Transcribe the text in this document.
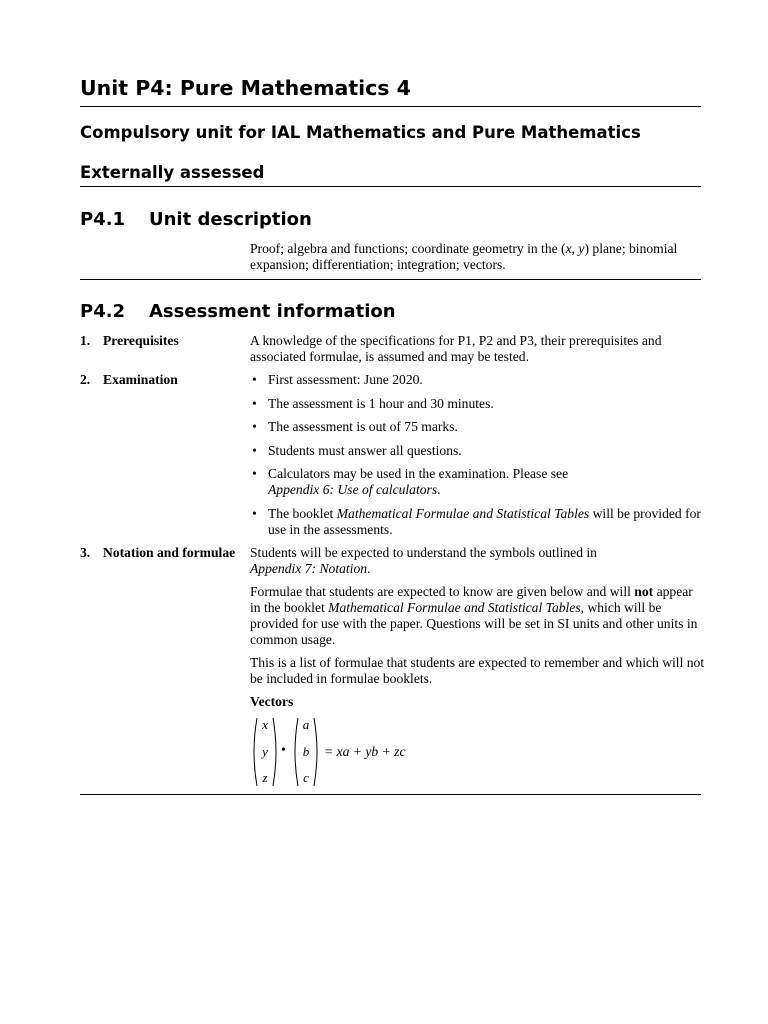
Unit P4: Pure Mathematics 4
Compulsory unit for IAL Mathematics and Pure Mathematics
Externally assessed
P4.1 Unit description
Proof; algebra and functions; coordinate geometry in the (x, y) plane; binomial expansion; differentiation; integration; vectors.
P4.2 Assessment information
1. Prerequisites	A knowledge of the specifications for P1, P2 and P3, their prerequisites and associated formulae, is assumed and may be tested.
2. Examination	• First assessment: June 2020.
• The assessment is 1 hour and 30 minutes.
• The assessment is out of 75 marks.
• Students must answer all questions.
• Calculators may be used in the examination. Please see
Appendix 6: Use of calculators.
• The booklet Mathematical Formulae and Statistical Tables will be provided for use in the assessments.
3. Notation and formulae Students will be expected to understand the symbols outlined in
Appendix 7: Notation.

Formulae that students are expected to know are given below and will not appear in the booklet Mathematical Formulae and Statistical Tables, which will be provided for use with the paper. Questions will be set in SI units and other units in common usage.

This is a list of formulae that students are expected to remember and which will not be included in formulae booklets.

Vectors
x
y
z
•
a
b
c
= xa + yb + zc
